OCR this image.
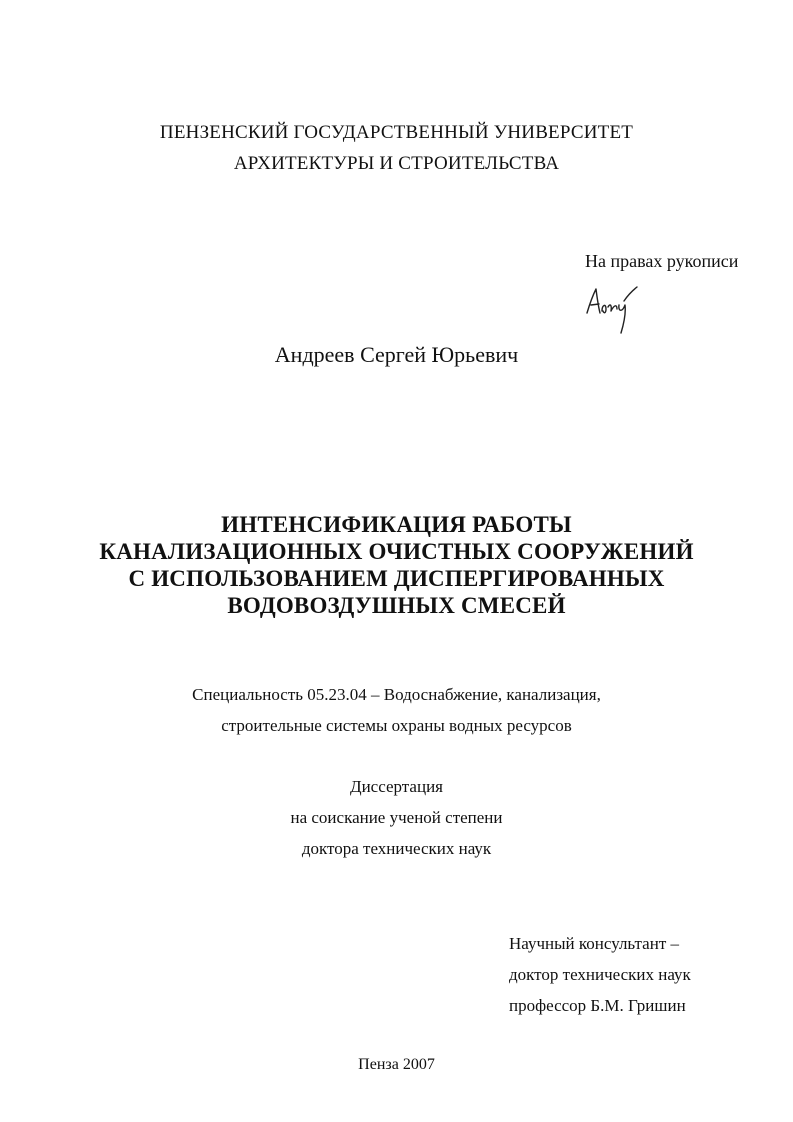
ПЕНЗЕНСКИЙ ГОСУДАРСТВЕННЫЙ УНИВЕРСИТЕТ
АРХИТЕКТУРЫ И СТРОИТЕЛЬСТВА
На правах рукописи
Андреев Сергей Юрьевич
ИНТЕНСИФИКАЦИЯ РАБОТЫ
КАНАЛИЗАЦИОННЫХ ОЧИСТНЫХ СООРУЖЕНИЙ
С ИСПОЛЬЗОВАНИЕМ ДИСПЕРГИРОВАННЫХ
ВОДОВОЗДУШНЫХ СМЕСЕЙ
Специальность 05.23.04 – Водоснабжение, канализация,
строительные системы охраны водных ресурсов
Диссертация
на соискание ученой степени
доктора технических наук
Научный консультант –
доктор технических наук
профессор Б.М. Гришин
Пенза 2007
